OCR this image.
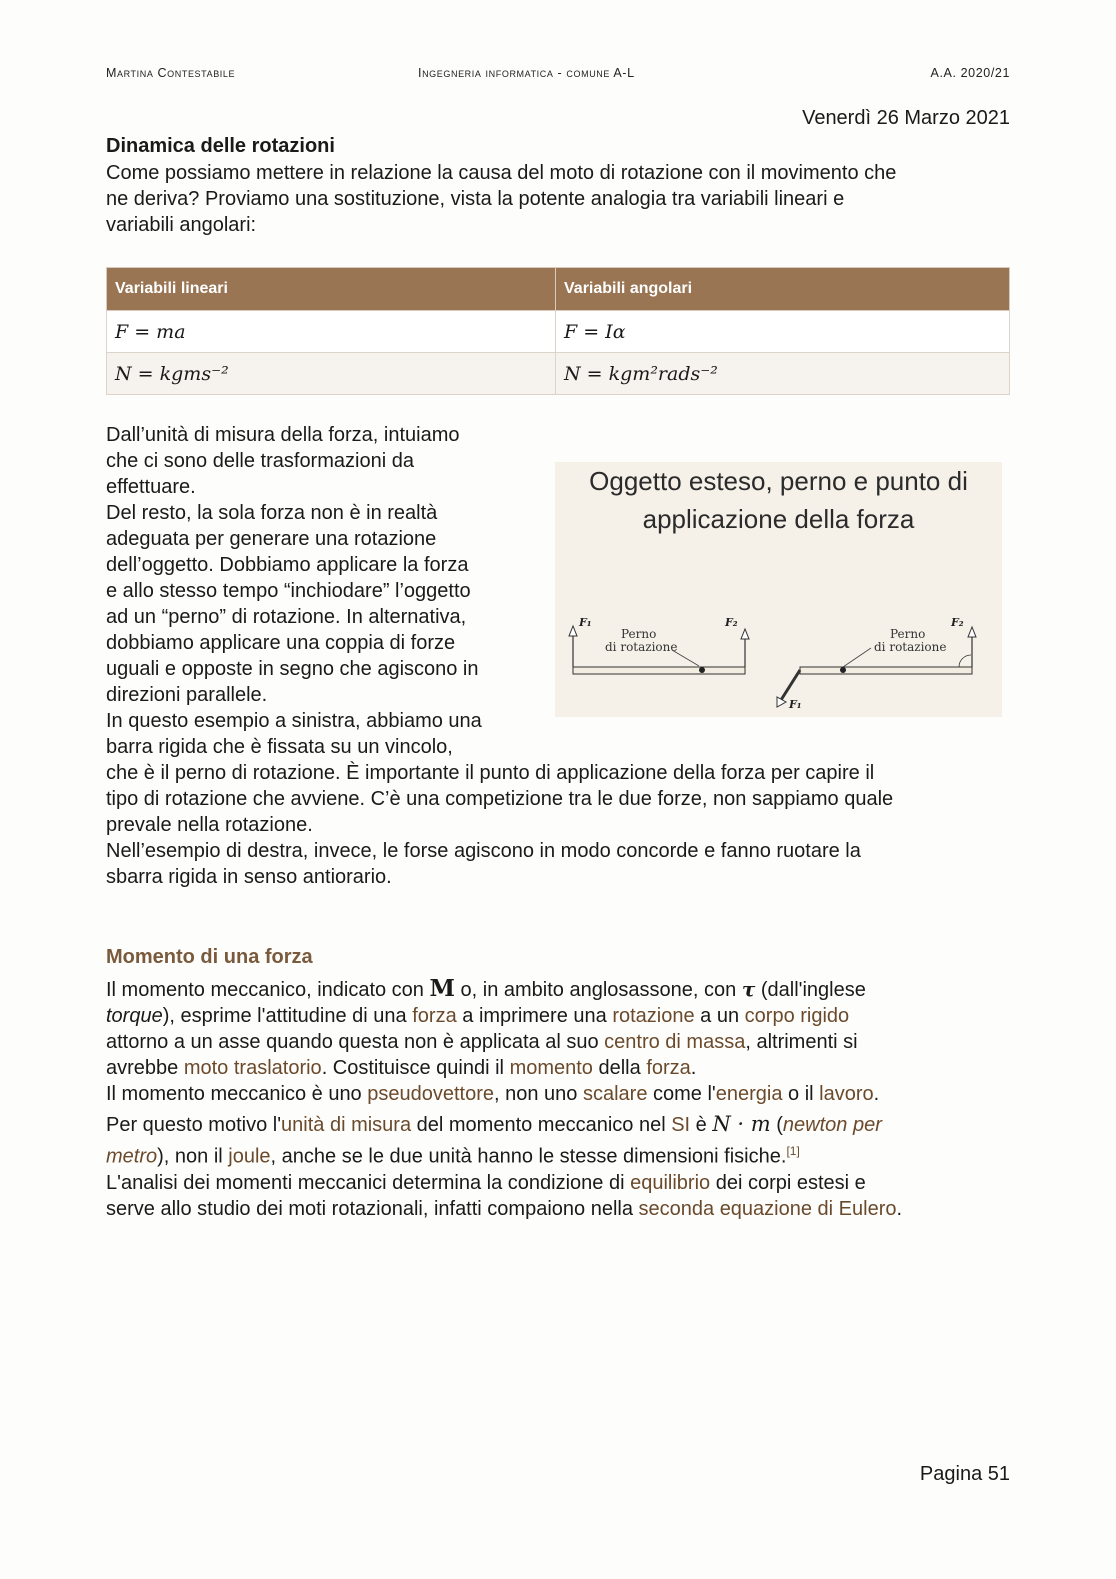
Martina Contestabile	Ingegneria informatica - comune A-L	A.A. 2020/21
Venerdì 26 Marzo 2021
Dinamica delle rotazioni
Come possiamo mettere in relazione la causa del moto di rotazione con il movimento che
ne deriva? Proviamo una sostituzione, vista la potente analogia tra variabili lineari e
variabili angolari:
Variabili lineari	Variabili angolari
F = ma	F = Iα
N = kgms⁻²	N = kgm²rads⁻²
Oggetto esteso, perno e punto di
applicazione della forza
F₁	F₂
Perno
di rotazione
F₁
F₂
Perno
di rotazione
Dall’unità di misura della forza, intuiamo
che ci sono delle trasformazioni da
effettuare.
Del resto, la sola forza non è in realtà
adeguata per generare una rotazione
dell’oggetto. Dobbiamo applicare la forza
e allo stesso tempo “inchiodare” l’oggetto
ad un “perno” di rotazione. In alternativa,
dobbiamo applicare una coppia di forze
uguali e opposte in segno che agiscono in
direzioni parallele.
In questo esempio a sinistra, abbiamo una
barra rigida che è fissata su un vincolo,
che è il perno di rotazione. È importante il punto di applicazione della forza per capire il
tipo di rotazione che avviene. C’è una competizione tra le due forze, non sappiamo quale
prevale nella rotazione.
Nell’esempio di destra, invece, le forse agiscono in modo concorde e fanno ruotare la
sbarra rigida in senso antiorario.
Momento di una forza
Il momento meccanico, indicato con M o, in ambito anglosassone, con τ (dall'inglese
torque), esprime l'attitudine di una forza a imprimere una rotazione a un corpo rigido
attorno a un asse quando questa non è applicata al suo centro di massa, altrimenti si
avrebbe moto traslatorio. Costituisce quindi il momento della forza.
Il momento meccanico è uno pseudovettore, non uno scalare come l'energia o il lavoro.
Per questo motivo l'unità di misura del momento meccanico nel SI è N · m (newton per
metro), non il joule, anche se le due unità hanno le stesse dimensioni fisiche.[1]
L'analisi dei momenti meccanici determina la condizione di equilibrio dei corpi estesi e
serve allo studio dei moti rotazionali, infatti compaiono nella seconda equazione di Eulero.
Pagina 51
